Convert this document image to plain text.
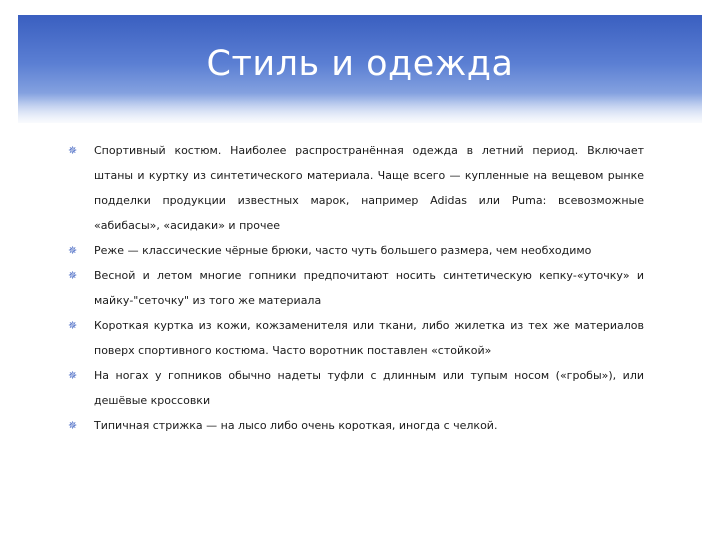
Стиль и одежда
✵ Спортивный костюм. Наиболее распространённая одежда в летний период. Включает штаны и куртку из синтетического материала. Чаще всего — купленные на вещевом рынке подделки продукции известных марок, например Adidas или Puma: всевозможные «абибасы», «асидаки» и прочее
✵ Реже — классические чёрные брюки, часто чуть большего размера, чем необходимо
✵ Весной и летом многие гопники предпочитают носить синтетическую кепку-«уточку» и майку-"сеточку" из того же материала
✵ Короткая куртка из кожи, кожзаменителя или ткани, либо жилетка из тех же материалов поверх спортивного костюма. Часто воротник поставлен «стойкой»
✵ На ногах у гопников обычно надеты туфли с длинным или тупым носом («гробы»), или дешёвые кроссовки
✵ Типичная стрижка — на лысо либо очень короткая, иногда с челкой.
